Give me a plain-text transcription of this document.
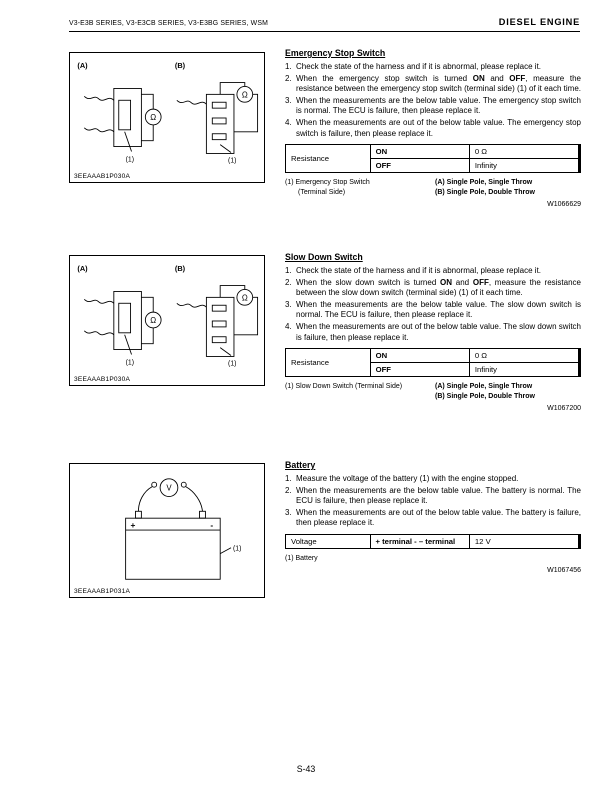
V3-E3B SERIES, V3-E3CB SERIES, V3-E3BG SERIES, WSM	DIESEL ENGINE
(A)	(B)
Ω
(1)
Ω
(1)
3EEAAAB1P030A
(A)	(B)
Ω
(1)
Ω
(1)
3EEAAAB1P030A
V
+	-
(1)
3EEAAAB1P031A
Emergency Stop Switch
1. Check the state of the harness and if it is abnormal, please replace it.
2. When the emergency stop switch is turned ON and OFF, measure the resistance between the emergency stop switch (terminal side) (1) of it each time.
3. When the measurements are the below table value. The emergency stop switch is normal. The ECU is failure, then please replace it.
4. When the measurements are out of the below table value. The emergency stop switch is failure, then please replace it.
Resistance	ON	0 Ω
	OFF	Infinity
(1) Emergency Stop Switch
(Terminal Side)
(A) Single Pole, Single Throw
(B) Single Pole, Double Throw
W1066629
Slow Down Switch
1. Check the state of the harness and if it is abnormal, please replace it.
2. When the slow down switch is turned ON and OFF, measure the resistance between the slow down switch (terminal side) (1) of it each time.
3. When the measurements are the below table value. The slow down switch is normal. The ECU is failure, then please replace it.
4. When the measurements are out of the below table value. The slow down switch is failure, then please replace it.
Resistance	ON	0 Ω
	OFF	Infinity
(1) Slow Down Switch (Terminal Side)	(A) Single Pole, Single Throw
(B) Single Pole, Double Throw
W1067200
Battery
1. Measure the voltage of the battery (1) with the engine stopped.
2. When the measurements are the below table value. The battery is normal. The ECU is failure, then please replace it.
3. When the measurements are out of the below table value. The battery is failure, then please replace it.
Voltage	+ terminal - – terminal	12 V
(1) Battery
W1067456
S-43
